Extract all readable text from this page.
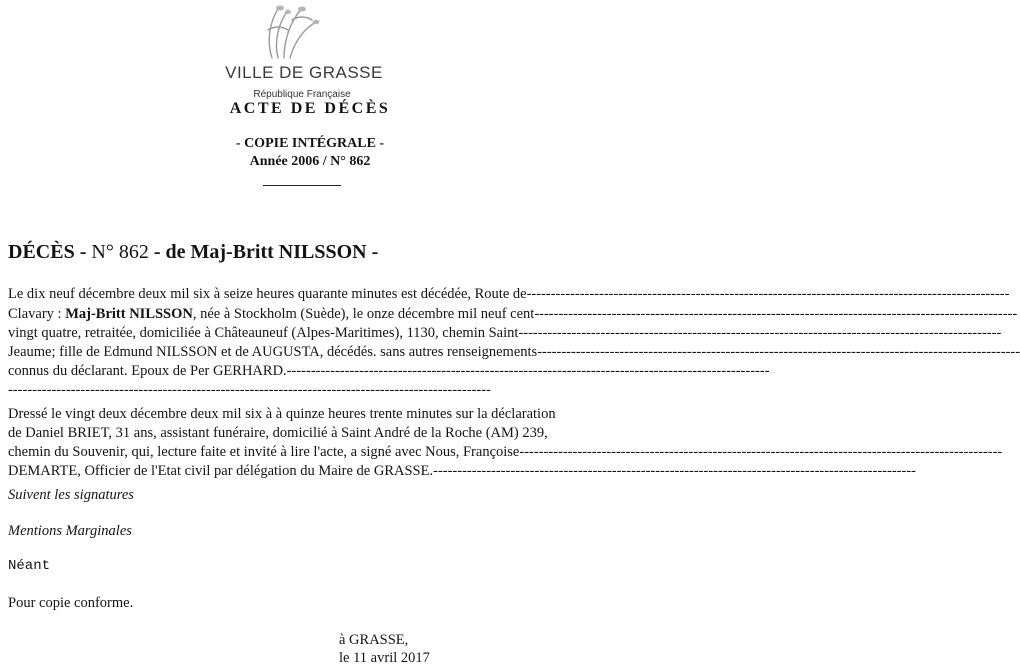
VILLE DE GRASSE
République Française
ACTE DE DÉCÈS
- COPIE INTÉGRALE -
Année 2006 / N° 862
DÉCÈS - N° 862 - de Maj-Britt NILSSON -
Le dix neuf décembre deux mil six à seize heures quarante minutes est décédée, Route de ----------------------------------------------------------------------------------------------------
Clavary : Maj-Britt NILSSON, née à Stockholm (Suède), le onze décembre mil neuf cent ----------------------------------------------------------------------------------------------------
vingt quatre, retraitée, domiciliée à Châteauneuf (Alpes-Maritimes), 1130, chemin Saint ----------------------------------------------------------------------------------------------------
Jeaume; fille de Edmund NILSSON et de AUGUSTA, décédés. sans autres renseignements ----------------------------------------------------------------------------------------------------
connus du déclarant. Epoux de Per GERHARD. ----------------------------------------------------------------------------------------------------
----------------------------------------------------------------------------------------------------
Dressé le vingt deux décembre deux mil six à à quinze heures trente minutes sur la déclaration
de Daniel BRIET, 31 ans, assistant funéraire, domicilié à Saint André de la Roche (AM) 239,
chemin du Souvenir, qui, lecture faite et invité à lire l'acte, a signé avec Nous, Françoise ----------------------------------------------------------------------------------------------------
DEMARTE, Officier de l'Etat civil par délégation du Maire de GRASSE. ----------------------------------------------------------------------------------------------------
Suivent les signatures
Mentions Marginales
Néant
Pour copie conforme.
à GRASSE,
le 11 avril 2017
